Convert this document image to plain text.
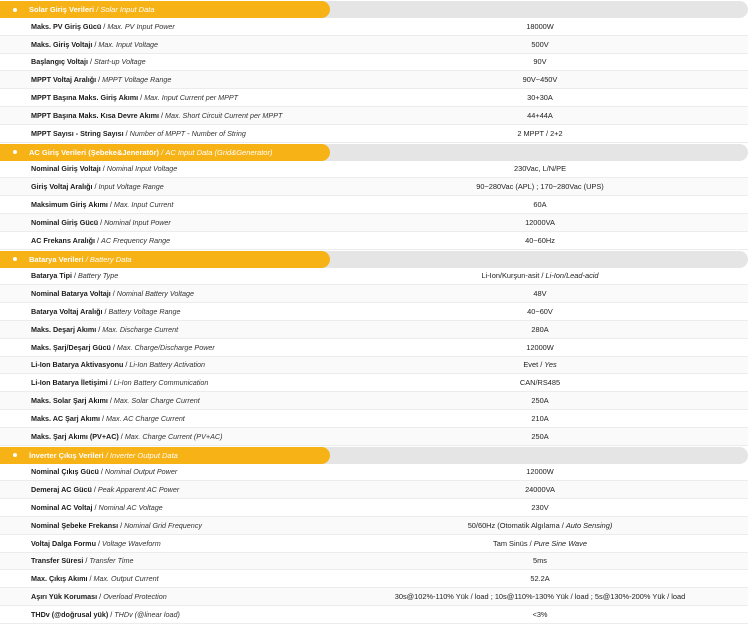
Solar Giriş Verileri / Solar Input Data
Maks. PV Giriş Gücü / Max. PV Input Power	18000W
Maks. Giriş Voltajı / Max. Input Voltage	500V
Başlangıç Voltajı / Start-up Voltage	90V
MPPT Voltaj Aralığı / MPPT Voltage Range	90V~450V
MPPT Başına Maks. Giriş Akımı / Max. Input Current per MPPT	30+30A
MPPT Başına Maks. Kısa Devre Akımı / Max. Short Circuit Current per MPPT	44+44A
MPPT Sayısı - String Sayısı / Number of MPPT - Number of String	2 MPPT / 2+2
AC Giriş Verileri (Şebeke&Jeneratör) / AC Input Data (Grid&Generator)
Nominal Giriş Voltajı / Nominal Input Voltage	230Vac, L/N/PE
Giriş Voltaj Aralığı / Input Voltage Range	90~280Vac (APL) ; 170~280Vac (UPS)
Maksimum Giriş Akımı / Max. Input Current	60A
Nominal Giriş Gücü / Nominal Input Power	12000VA
AC Frekans Aralığı / AC Frequency Range	40~60Hz
Batarya Verileri / Battery Data
Batarya Tipi / Battery Type	Li-Ion/Kurşun-asit / Li-Ion/Lead-acid
Nominal Batarya Voltajı / Nominal Battery Voltage	48V
Batarya Voltaj Aralığı / Battery Voltage Range	40~60V
Maks. Deşarj Akımı / Max. Discharge Current	280A
Maks. Şarj/Deşarj Gücü / Max. Charge/Discharge Power	12000W
Li-Ion Batarya Aktivasyonu / Li-Ion Battery Activation	Evet / Yes
Li-Ion Batarya İletişimi / Li-Ion Battery Communication	CAN/RS485
Maks. Solar Şarj Akımı / Max. Solar Charge Current	250A
Maks. AC Şarj Akımı / Max. AC Charge Current	210A
Maks. Şarj Akımı (PV+AC) / Max. Charge Current (PV+AC)	250A
İnverter Çıkış Verileri / Inverter Output Data
Nominal Çıkış Gücü / Nominal Output Power	12000W
Demeraj AC Gücü / Peak Apparent AC Power	24000VA
Nominal AC Voltaj / Nominal AC Voltage	230V
Nominal Şebeke Frekansı / Nominal Grid Frequency	50/60Hz (Otomatik Algılama / Auto Sensing)
Voltaj Dalga Formu / Voltage Waveform	Tam Sinüs / Pure Sine Wave
Transfer Süresi / Transfer Time	5ms
Max. Çıkış Akımı / Max. Output Current	52.2A
Aşırı Yük Koruması / Overload Protection	30s@102%-110% Yük / load ; 10s@110%-130% Yük / load ; 5s@130%-200% Yük / load
THDv (@doğrusal yük) / THDv (@linear load)	<3%
